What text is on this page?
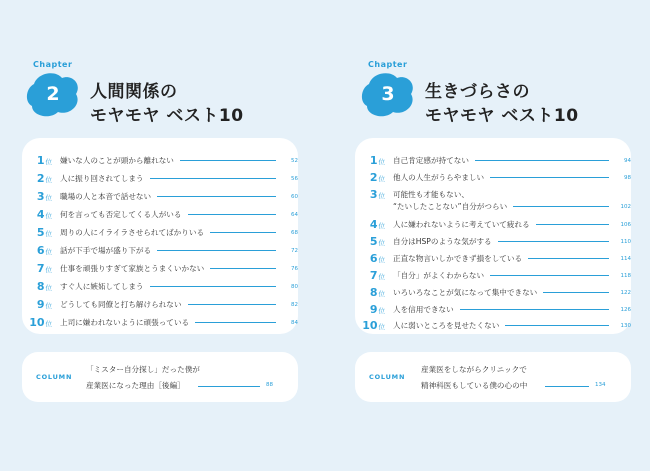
Chapter
2 人間関係の
モヤモヤ ベスト10
1位 嫌いな人のことが頭から離れない	52
2位 人に振り回されてしまう	56
3位 職場の人と本音で話せない	60
4位 何を言っても否定してくる人がいる	64
5位 周りの人にイライラさせられてばかりいる	68
6位 話が下手で場が盛り下がる	72
7位 仕事を頑張りすぎて家族とうまくいかない	76
8位 すぐ人に嫉妬してしまう	80
9位 どうしても同僚と打ち解けられない	82
10位 上司に嫌われないように頑張っている	84
COLUMN
「ミスター自分探し」だった僕が
産業医になった理由［後編］	88
Chapter
3 生きづらさの
モヤモヤ ベスト10
1位 自己肯定感が持てない	94
2位 他人の人生がうらやましい	98
3位 可能性も才能もない、
“たいしたことない”自分がつらい	102
4位 人に嫌われないように考えていて疲れる	106
5位 自分はHSPのような気がする	110
6位 正直な物言いしかできず損をしている	114
7位 「自分」がよくわからない	118
8位 いろいろなことが気になって集中できない	122
9位 人を信用できない	126
10位 人に弱いところを見せたくない	130
COLUMN
産業医をしながらクリニックで
精神科医もしている僕の心の中	134
